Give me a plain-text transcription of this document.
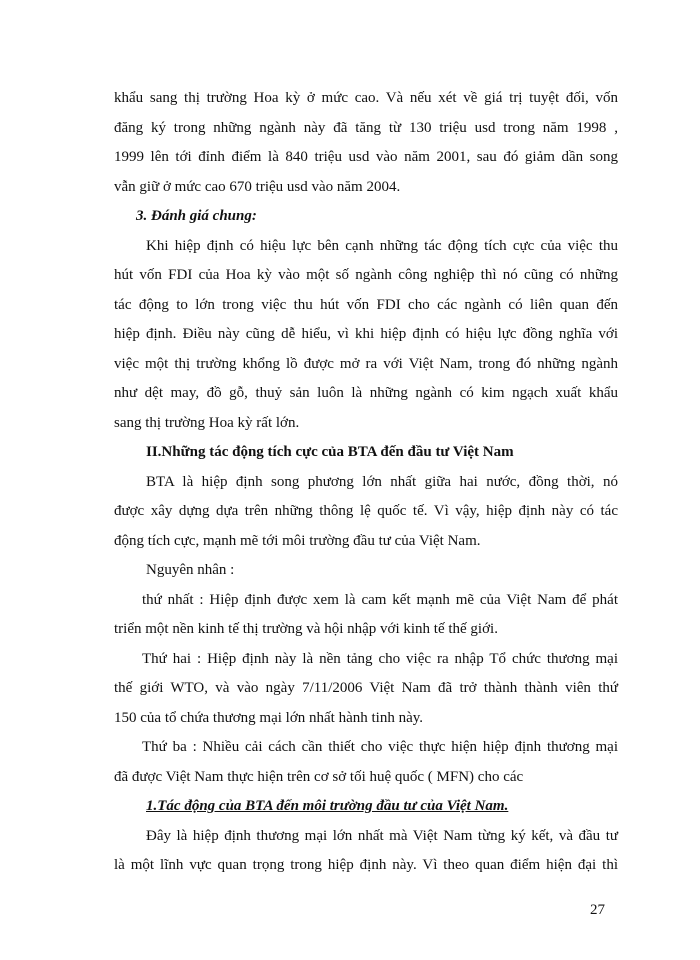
khẩu sang thị trường Hoa kỳ ở mức cao. Và nếu xét về giá trị tuyệt đối, vốn
đăng ký trong những ngành này đã tăng từ 130 triệu usd trong năm 1998 ,
1999 lên tới đỉnh điểm là 840 triệu usd vào năm 2001, sau đó giảm dần song
vẫn giữ ở mức cao 670 triệu usd vào năm 2004.
3. Đánh giá chung:
Khi hiệp định có hiệu lực bên cạnh những tác động tích cực của việc thu
hút vốn FDI của Hoa kỳ vào một số ngành công nghiệp thì nó cũng có những
tác động to lớn trong việc thu hút vốn FDI cho các ngành có liên quan đến
hiệp định. Điều này cũng dễ hiểu, vì khi hiệp định có hiệu lực đồng nghĩa với
việc một thị trường khổng lồ được mở ra với Việt Nam, trong đó những ngành
như dệt may, đồ gỗ, thuỷ sản luôn là những ngành có kim ngạch xuất khẩu
sang thị trường Hoa kỳ rất lớn.
II.Những tác động tích cực của BTA đến đầu tư Việt Nam
BTA là hiệp định song phương lớn nhất giữa hai nước, đồng thời, nó
được xây dựng dựa trên những thông lệ quốc tế. Vì vậy, hiệp định này có tác
động tích cực, mạnh mẽ tới môi trường đầu tư của Việt Nam.
Nguyên nhân :
thứ nhất : Hiệp định được xem là cam kết mạnh mẽ của Việt Nam để phát
triển một nền kinh tế thị trường và hội nhập với kinh tế thế giới.
Thứ hai : Hiệp định này là nền tảng cho việc ra nhập Tổ chức thương mại
thế giới WTO, và vào ngày 7/11/2006 Việt Nam đã trở thành thành viên thứ
150 của tổ chứa thương mại lớn nhất hành tinh này.
Thứ ba : Nhiều cải cách cần thiết cho việc thực hiện hiệp định thương mại
đã được Việt Nam thực hiện trên cơ sở tối huệ quốc ( MFN) cho các
1.Tác động của BTA đến môi trường đầu tư của Việt Nam.
Đây là hiệp định thương mại lớn nhất mà Việt Nam từng ký kết, và đầu tư
là một lĩnh vực quan trọng trong hiệp định này. Vì theo quan điểm hiện đại thì
27
